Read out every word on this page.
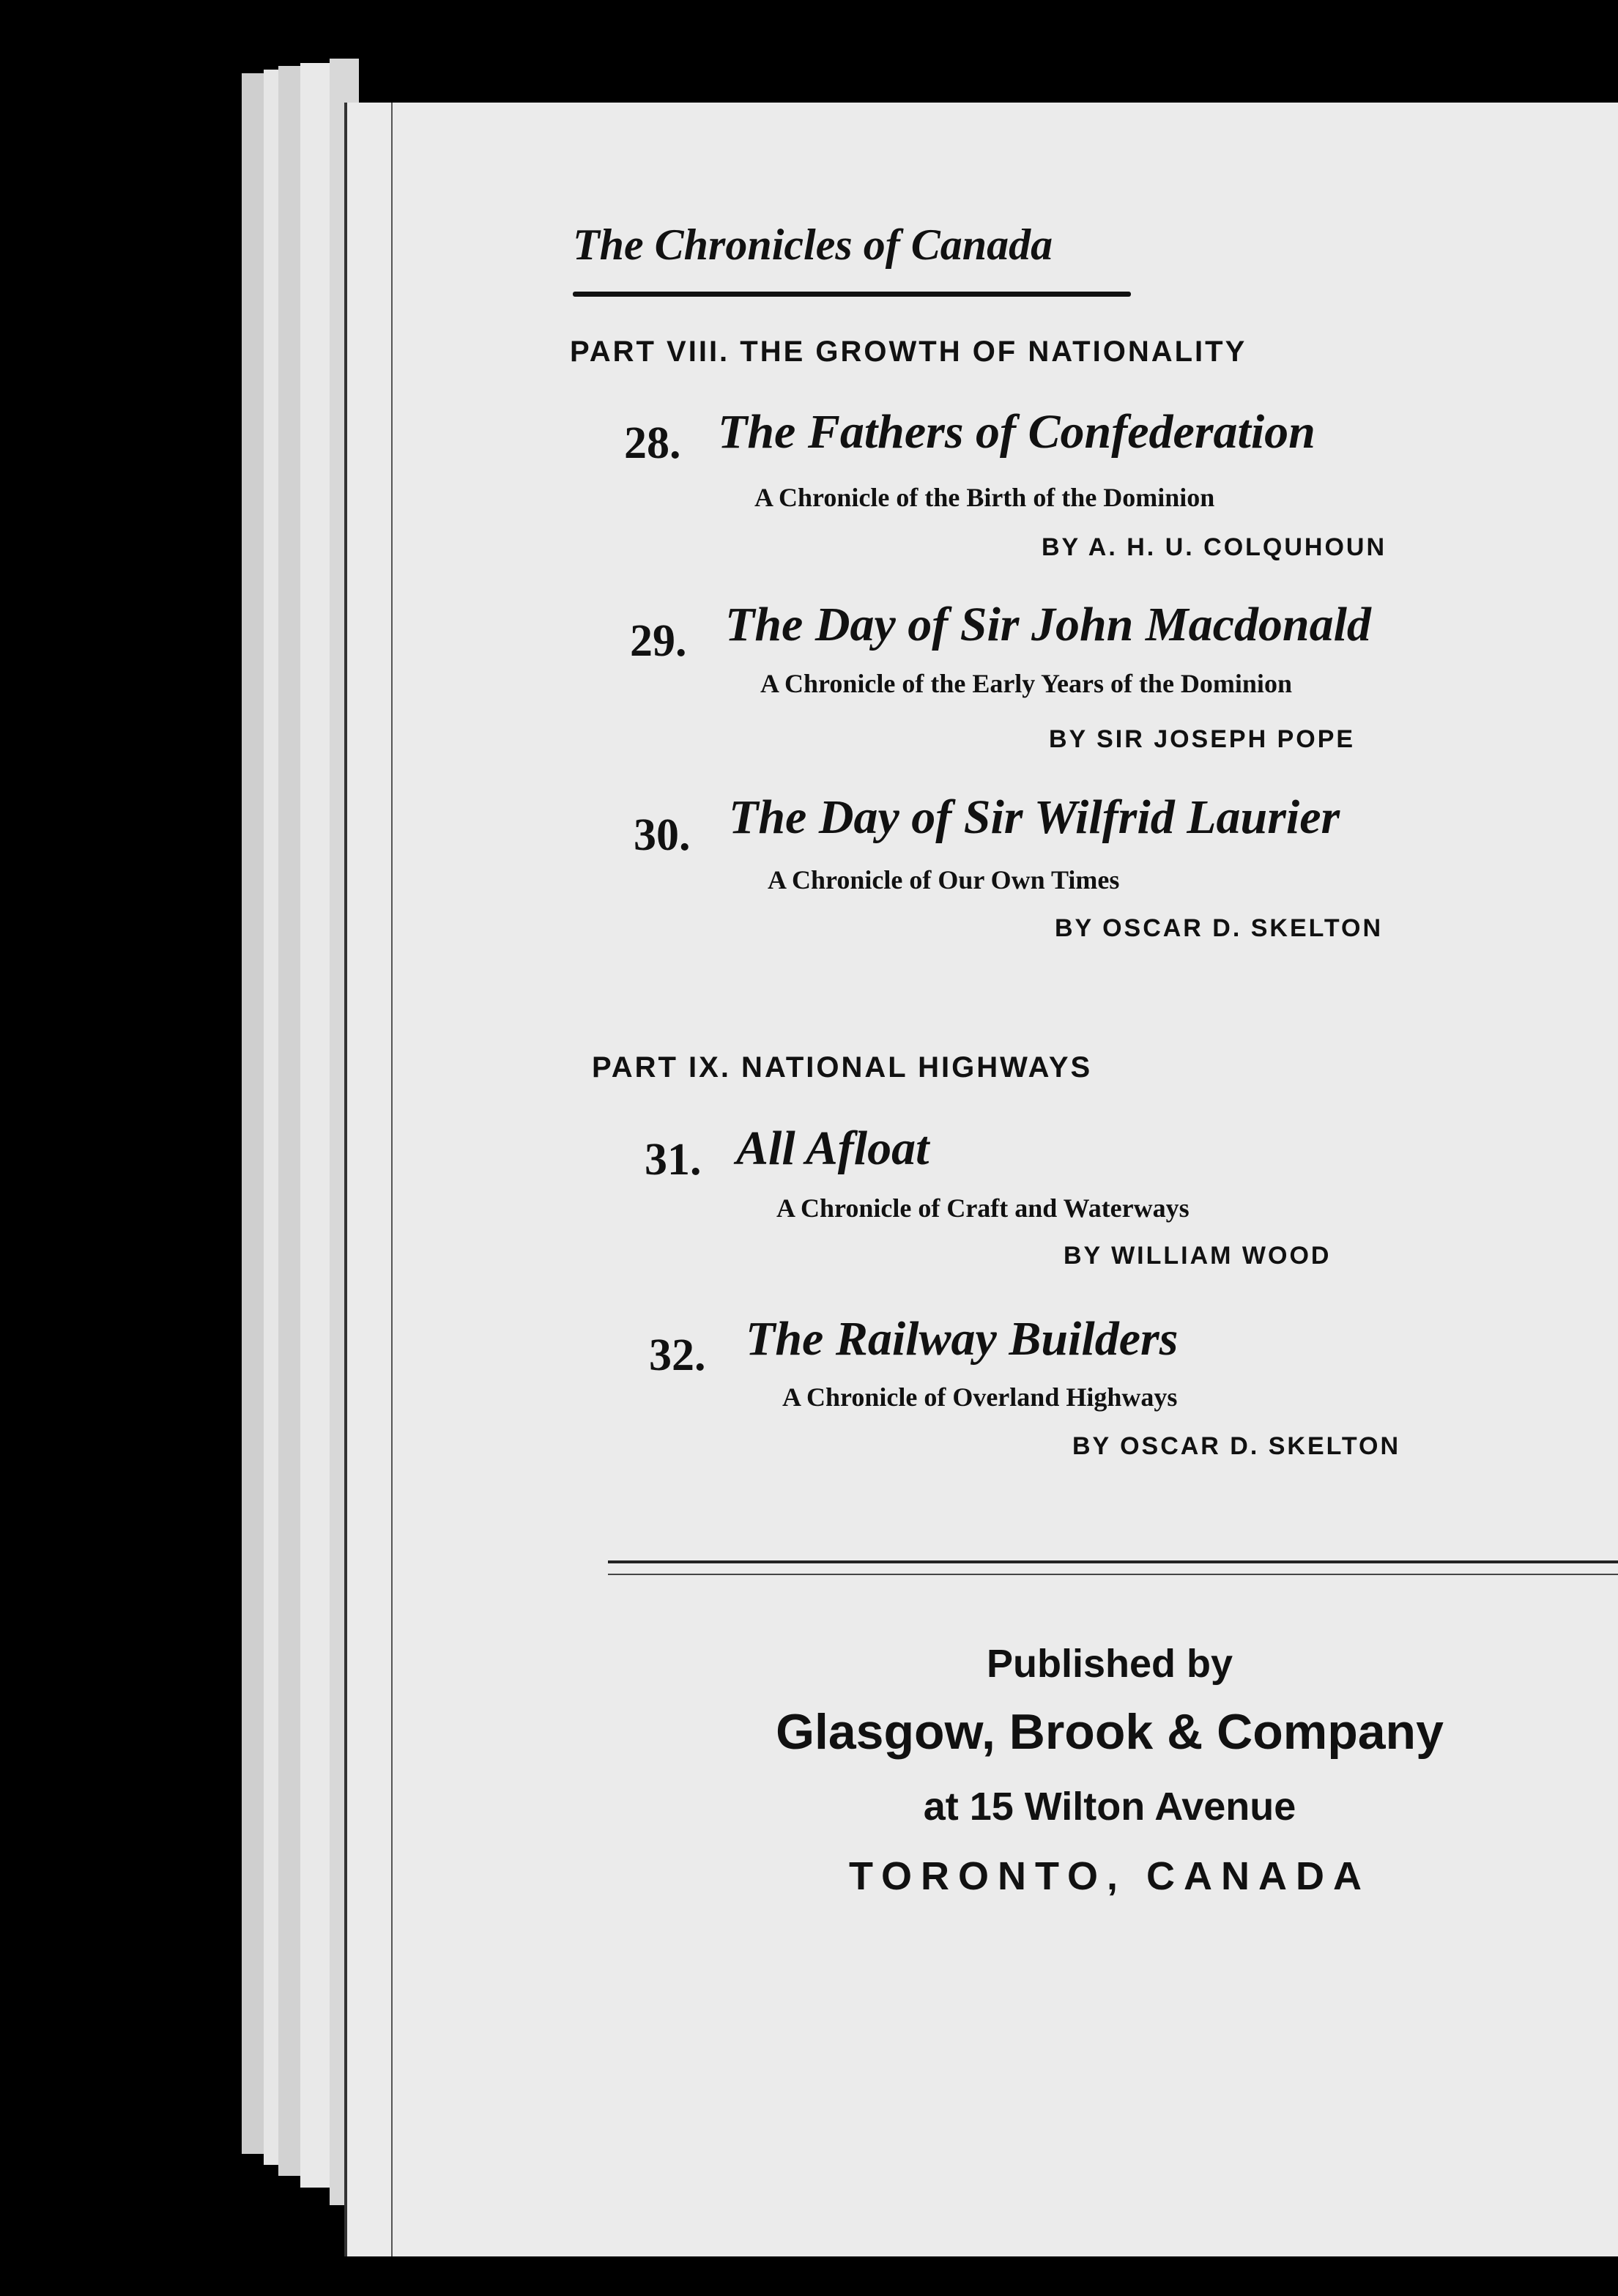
The Chronicles of Canada
PART VIII. THE GROWTH OF NATIONALITY
28. The Fathers of Confederation
A Chronicle of the Birth of the Dominion
BY A. H. U. COLQUHOUN
29. The Day of Sir John Macdonald
A Chronicle of the Early Years of the Dominion
BY SIR JOSEPH POPE
30. The Day of Sir Wilfrid Laurier
A Chronicle of Our Own Times
BY OSCAR D. SKELTON
PART IX. NATIONAL HIGHWAYS
31. All Afloat
A Chronicle of Craft and Waterways
BY WILLIAM WOOD
32. The Railway Builders
A Chronicle of Overland Highways
BY OSCAR D. SKELTON
Published by
Glasgow, Brook & Company
at 15 Wilton Avenue
TORONTO, CANADA
